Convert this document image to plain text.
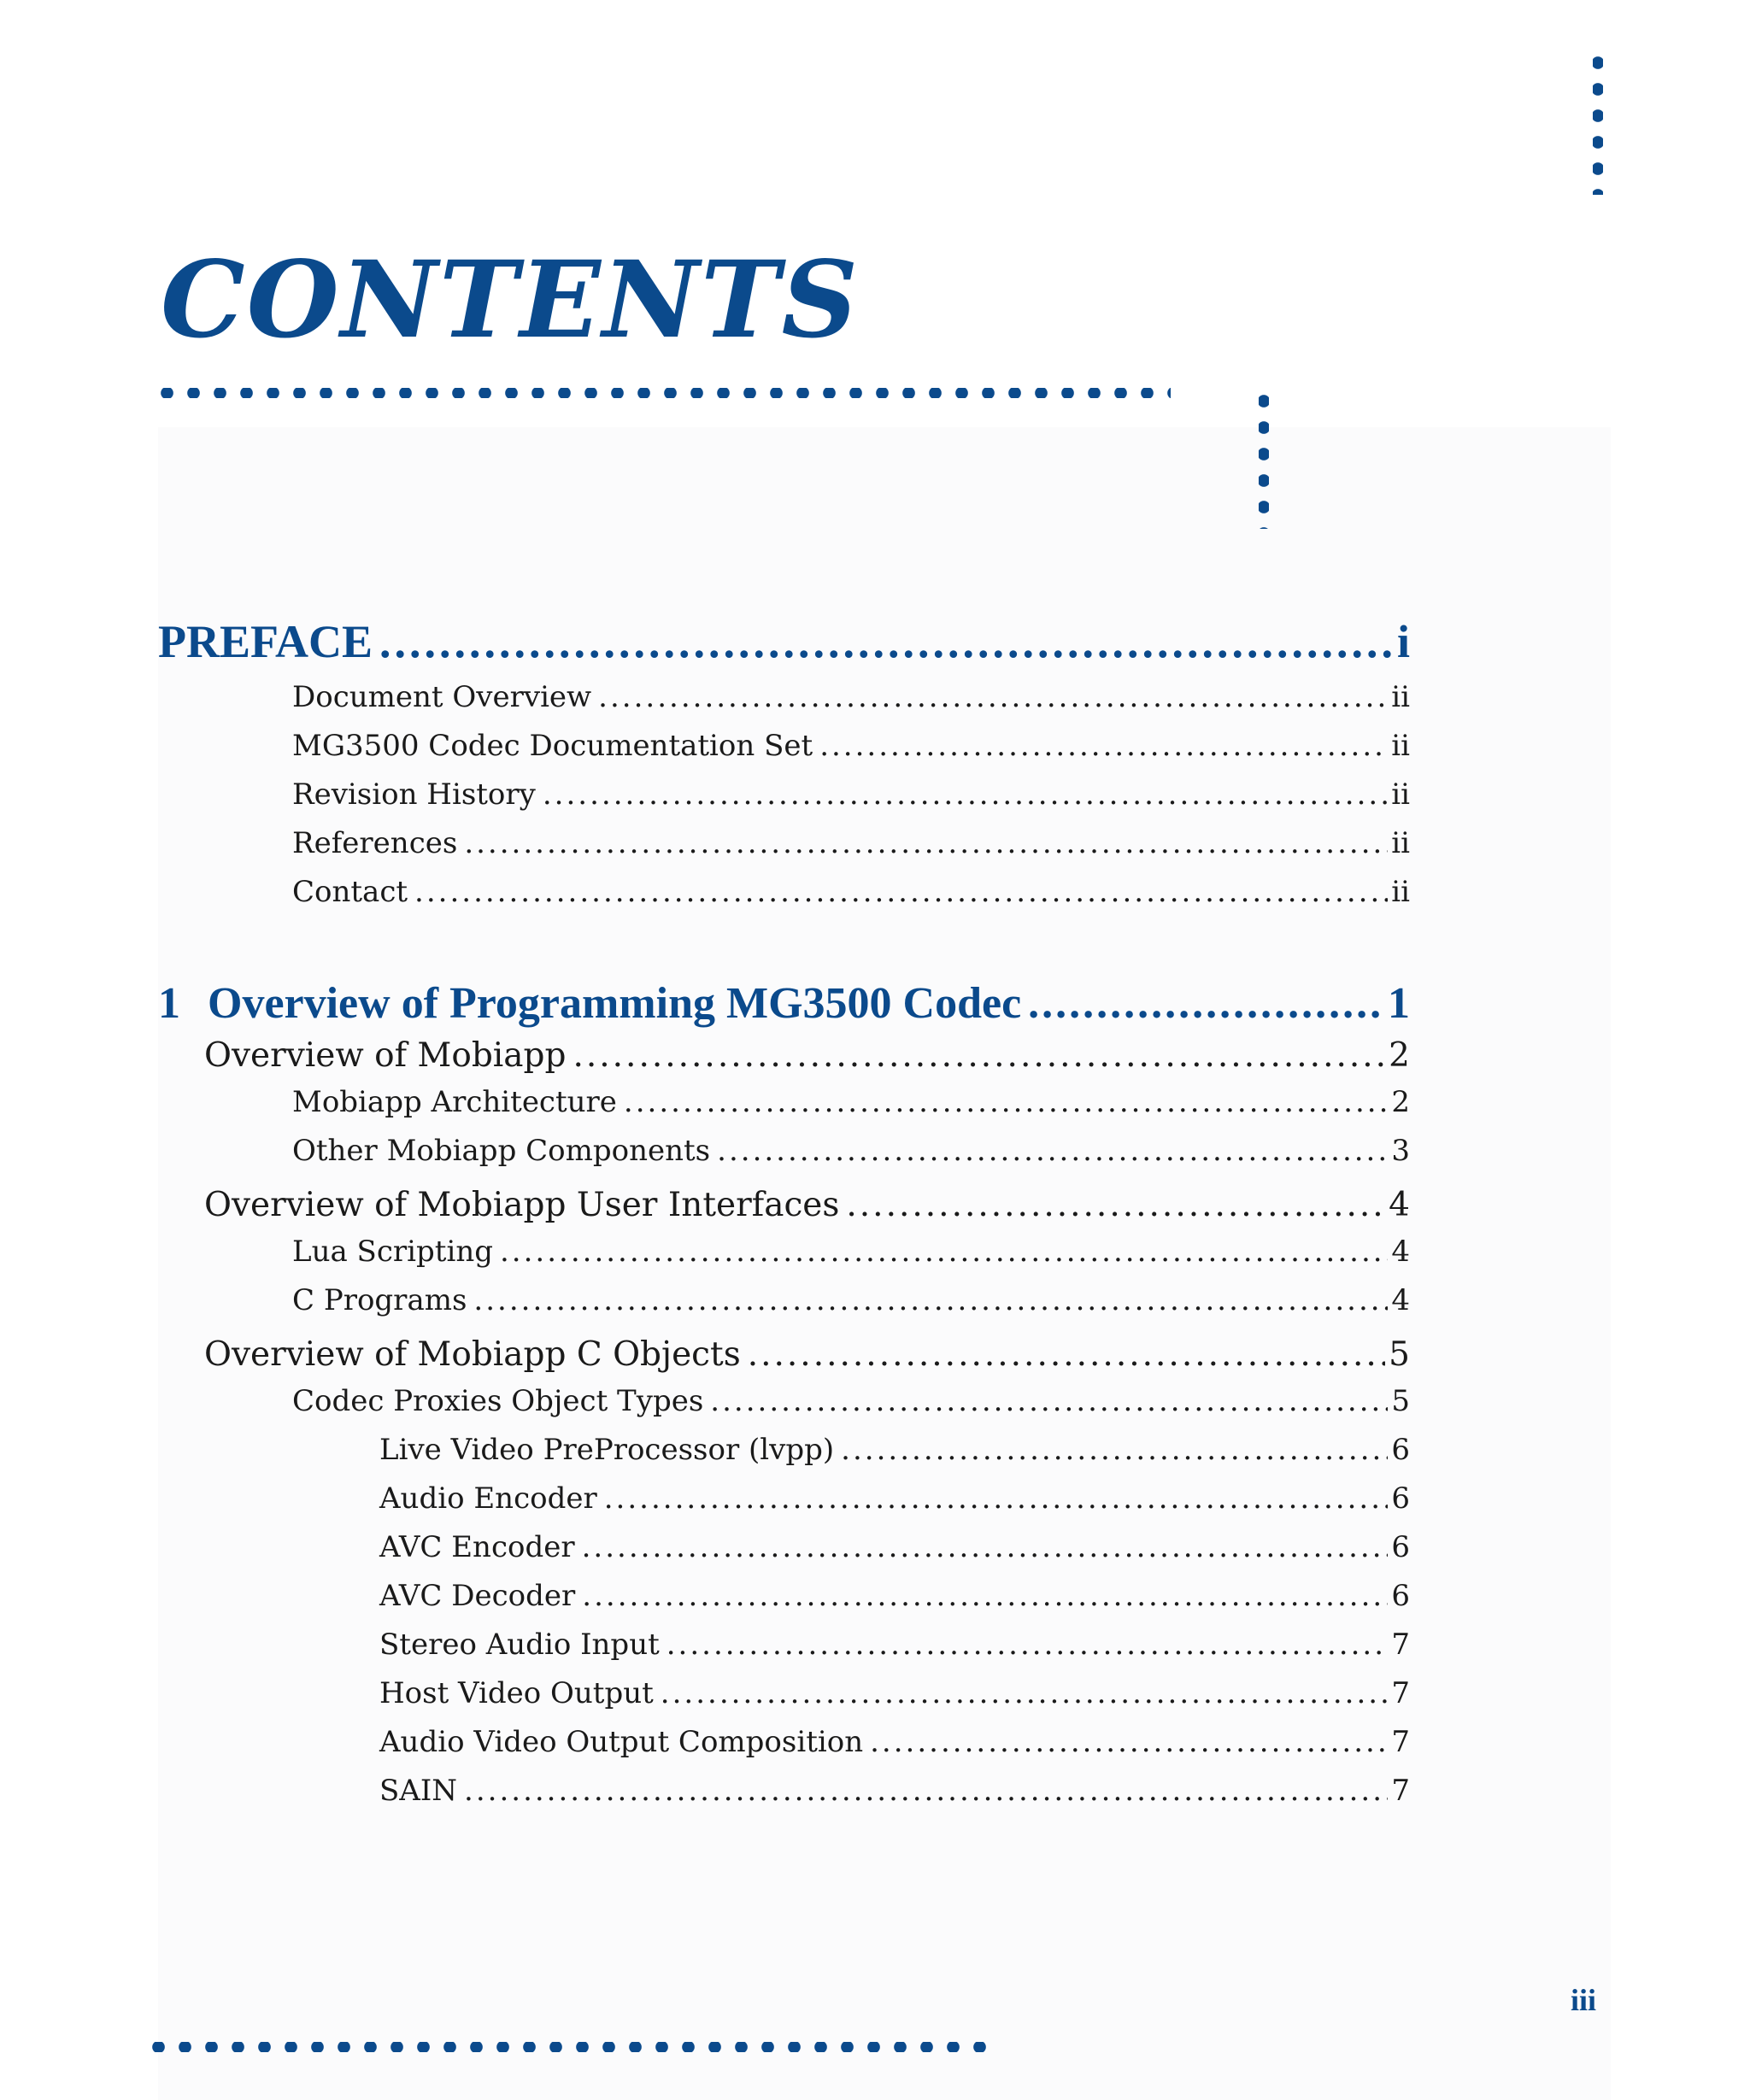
CONTENTS
PREFACE .....	i
Document Overview .....	ii
MG3500 Codec Documentation Set .....	ii
Revision History .....	ii
References .....	ii
Contact .....	ii
1 Overview of Programming MG3500 Codec .....	1
Overview of Mobiapp .....	2
Mobiapp Architecture .....	2
Other Mobiapp Components .....	3
Overview of Mobiapp User Interfaces .....	4
Lua Scripting .....	4
C Programs .....	4
Overview of Mobiapp C Objects .....	5
Codec Proxies Object Types .....	5
Live Video PreProcessor (lvpp) .....	6
Audio Encoder .....	6
AVC Encoder .....	6
AVC Decoder .....	6
Stereo Audio Input .....	7
Host Video Output .....	7
Audio Video Output Composition .....	7
SAIN .....	7
iii
